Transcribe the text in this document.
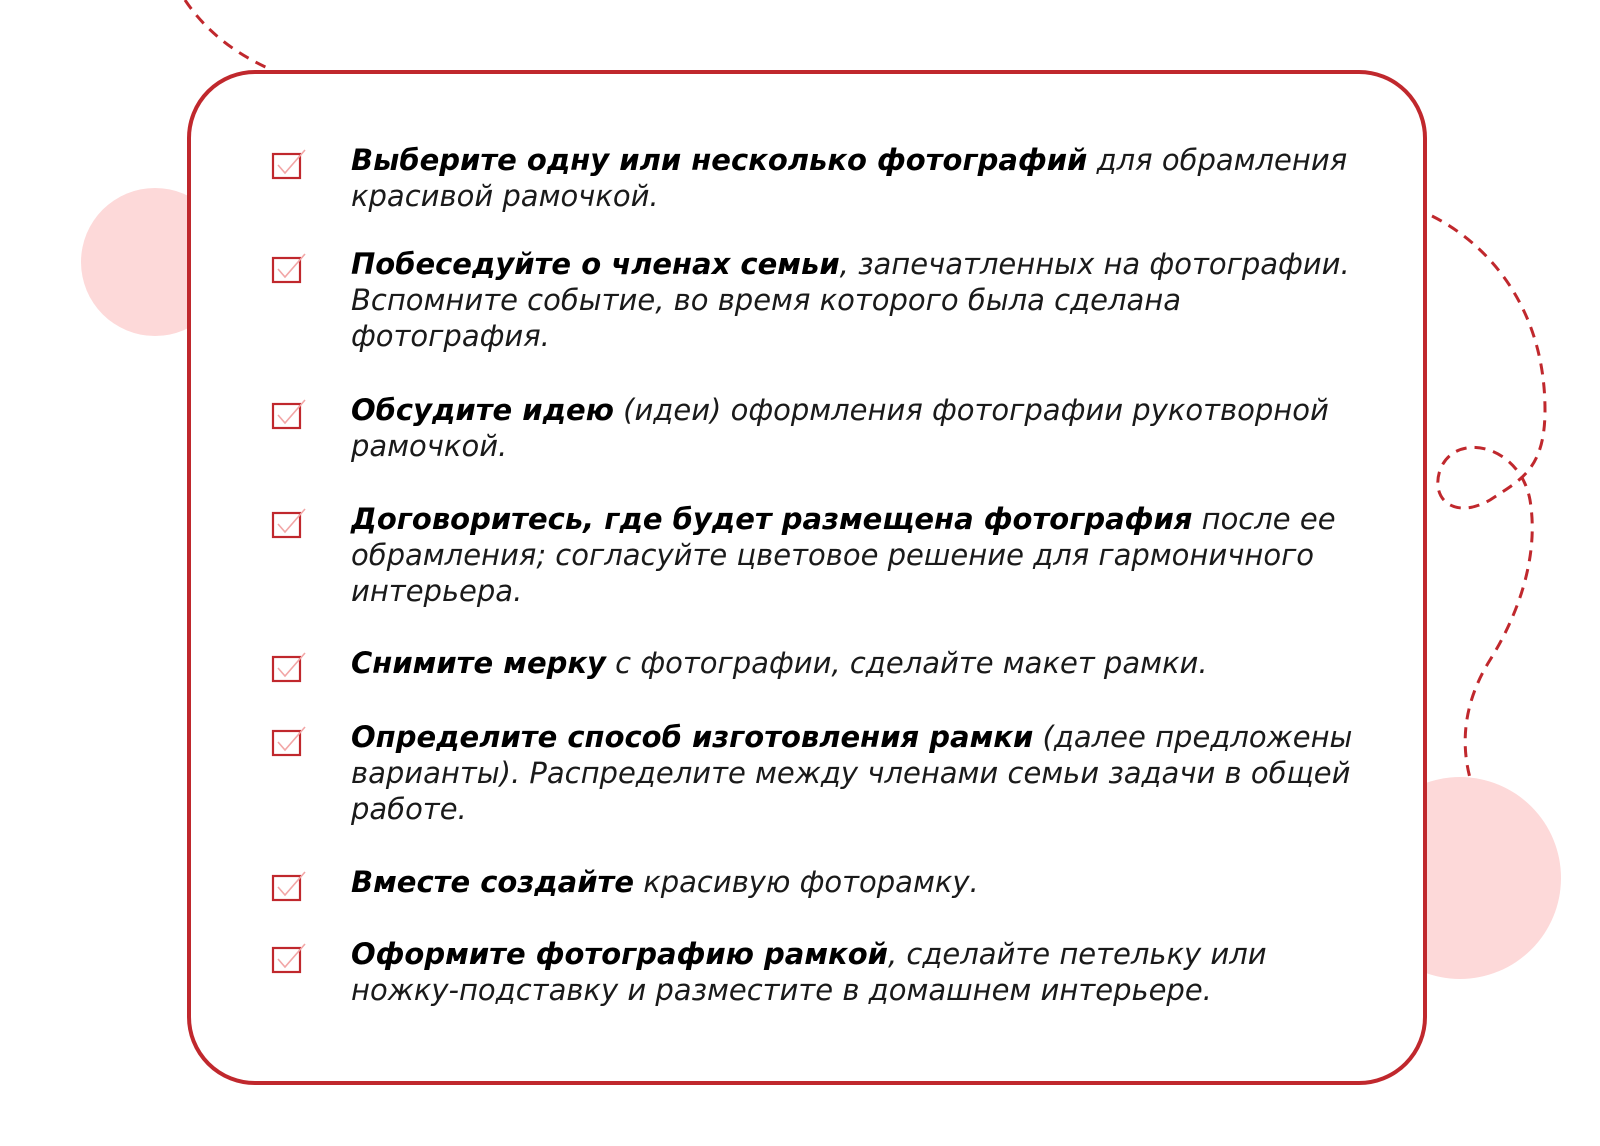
Выберите одну или несколько фотографий для обрамления красивой рамочкой.

Побеседуйте о членах семьи, запечатленных на фотографии. Вспомните событие, во время которого была сделана фотография.

Обсудите идею (идеи) оформления фотографии рукотворной рамочкой.

Договоритесь, где будет размещена фотография после ее обрамления; согласуйте цветовое решение для гармоничного интерьера.

Снимите мерку с фотографии, сделайте макет рамки.

Определите способ изготовления рамки (далее предложены варианты). Распределите между членами семьи задачи в общей работе.

Вместе создайте красивую фоторамку.

Оформите фотографию рамкой, сделайте петельку или ножку-подставку и разместите в домашнем интерьере.
